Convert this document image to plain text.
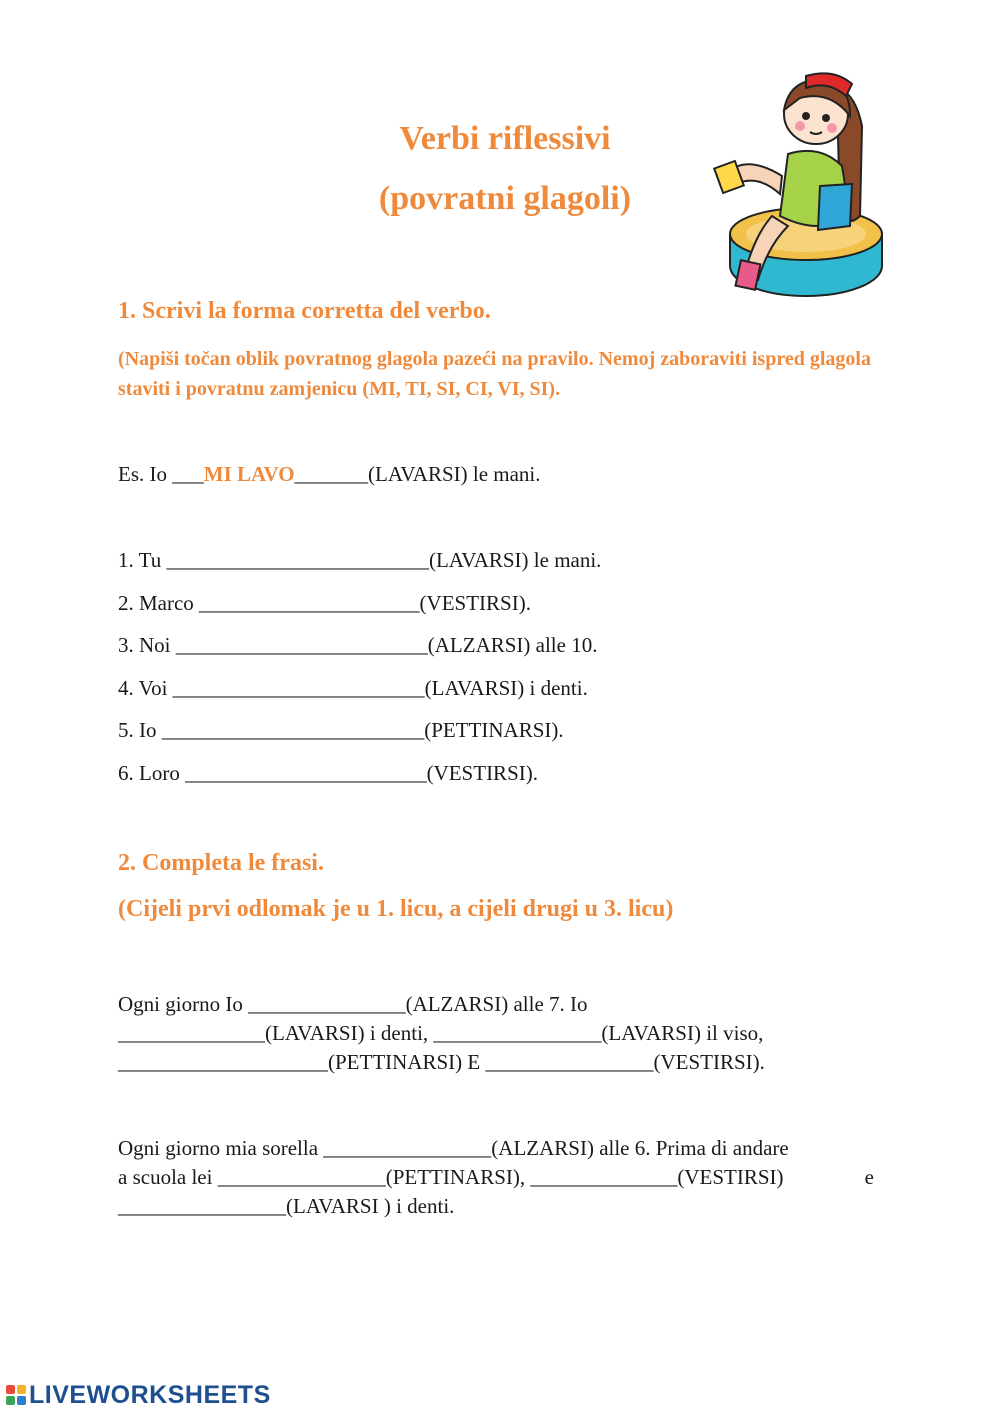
Verbi riflessivi
(povratni glagoli)
1. Scrivi la forma corretta del verbo.
(Napiši točan oblik povratnog glagola pazeći na pravilo. Nemoj zaboraviti ispred glagola staviti i povratnu zamjenicu (MI, TI, SI, CI, VI, SI).
Es. Io ___MI LAVO_______(LAVARSI) le mani.
1. Tu _________________________(LAVARSI) le mani.
2. Marco _____________________(VESTIRSI).
3. Noi ________________________(ALZARSI) alle 10.
4. Voi ________________________(LAVARSI) i denti.
5. Io _________________________(PETTINARSI).
6. Loro _______________________(VESTIRSI).
2. Completa le frasi.
(Cijeli prvi odlomak je u 1. licu, a cijeli drugi u 3. licu)
Ogni giorno Io _______________(ALZARSI) alle 7. Io
______________(LAVARSI) i denti, ________________(LAVARSI) il viso,
____________________(PETTINARSI) E ________________(VESTIRSI).
Ogni giorno mia sorella ________________(ALZARSI) alle 6. Prima di andare
a scuola lei ________________(PETTINARSI), ______________(VESTIRSI)	e
________________(LAVARSI ) i denti.
LIVEWORKSHEETS
